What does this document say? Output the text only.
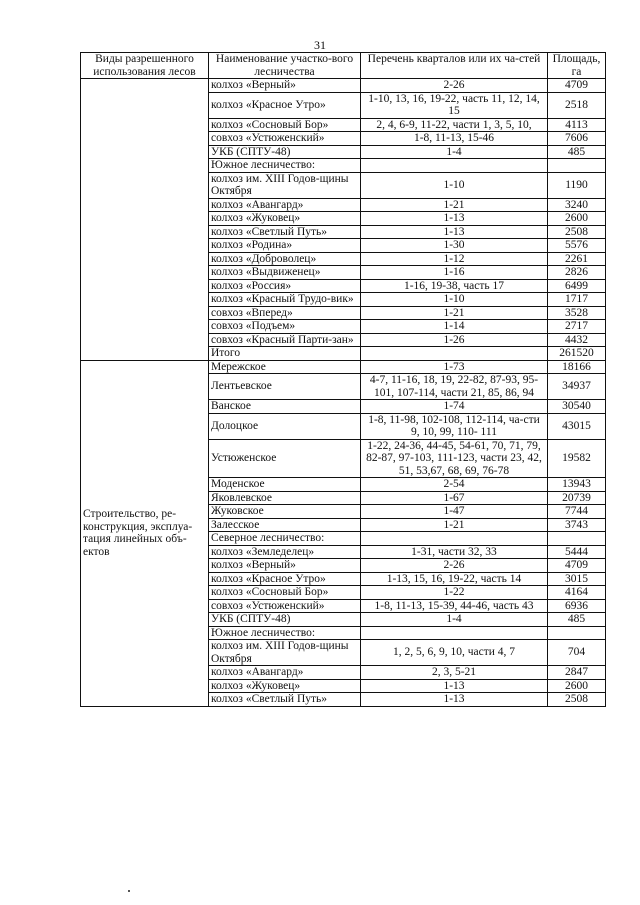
31
Виды разрешенного использования лесов	Наименование участко-вого лесничества	Перечень кварталов или их ча-стей	Площадь, га
	колхоз «Верный»	2-26	4709
	колхоз «Красное Утро»	1-10, 13, 16, 19-22, часть 11, 12, 14, 15	2518
	колхоз «Сосновый Бор»	2, 4, 6-9, 11-22, части 1, 3, 5, 10,	4113
	совхоз «Устюженский»	1-8, 11-13, 15-46	7606
	УКБ (СПТУ-48)	1-4	485
	Южное лесничество:		
	колхоз им. XIII Годов-щины Октября	1-10	1190
	колхоз «Авангард»	1-21	3240
	колхоз «Жуковец»	1-13	2600
	колхоз «Светлый Путь»	1-13	2508
	колхоз «Родина»	1-30	5576
	колхоз «Доброволец»	1-12	2261
	колхоз «Выдвиженец»	1-16	2826
	колхоз «Россия»	1-16, 19-38, часть 17	6499
	колхоз «Красный Трудо-вик»	1-10	1717
	совхоз «Вперед»	1-21	3528
	совхоз «Подъем»	1-14	2717
	совхоз «Красный Парти-зан»	1-26	4432
	Итого		261520
Строительство, ре-конструкция, эксплуа-тация линейных объ-ектов	Мережское	1-73	18166
	Лентьевское	4-7, 11-16, 18, 19, 22-82, 87-93, 95-101, 107-114, части 21, 85, 86, 94	34937
	Ванское	1-74	30540
	Долоцкое	1-8, 11-98, 102-108, 112-114, ча-сти 9, 10, 99, 110- 111	43015
	Устюженское	1-22, 24-36, 44-45, 54-61, 70, 71, 79, 82-87, 97-103, 111-123, части 23, 42, 51, 53,67, 68, 69, 76-78	19582
	Моденское	2-54	13943
	Яковлевское	1-67	20739
	Жуковское	1-47	7744
	Залесское	1-21	3743
	Северное лесничество:		
	колхоз «Земледелец»	1-31, части 32, 33	5444
	колхоз «Верный»	2-26	4709
	колхоз «Красное Утро»	1-13, 15, 16, 19-22, часть 14	3015
	колхоз «Сосновый Бор»	1-22	4164
	совхоз «Устюженский»	1-8, 11-13, 15-39, 44-46, часть 43	6936
	УКБ (СПТУ-48)	1-4	485
	Южное лесничество:		
	колхоз им. XIII Годов-щины Октября	1, 2, 5, 6, 9, 10, части 4, 7	704
	колхоз «Авангард»	2, 3, 5-21	2847
	колхоз «Жуковец»	1-13	2600
	колхоз «Светлый Путь»	1-13	2508
